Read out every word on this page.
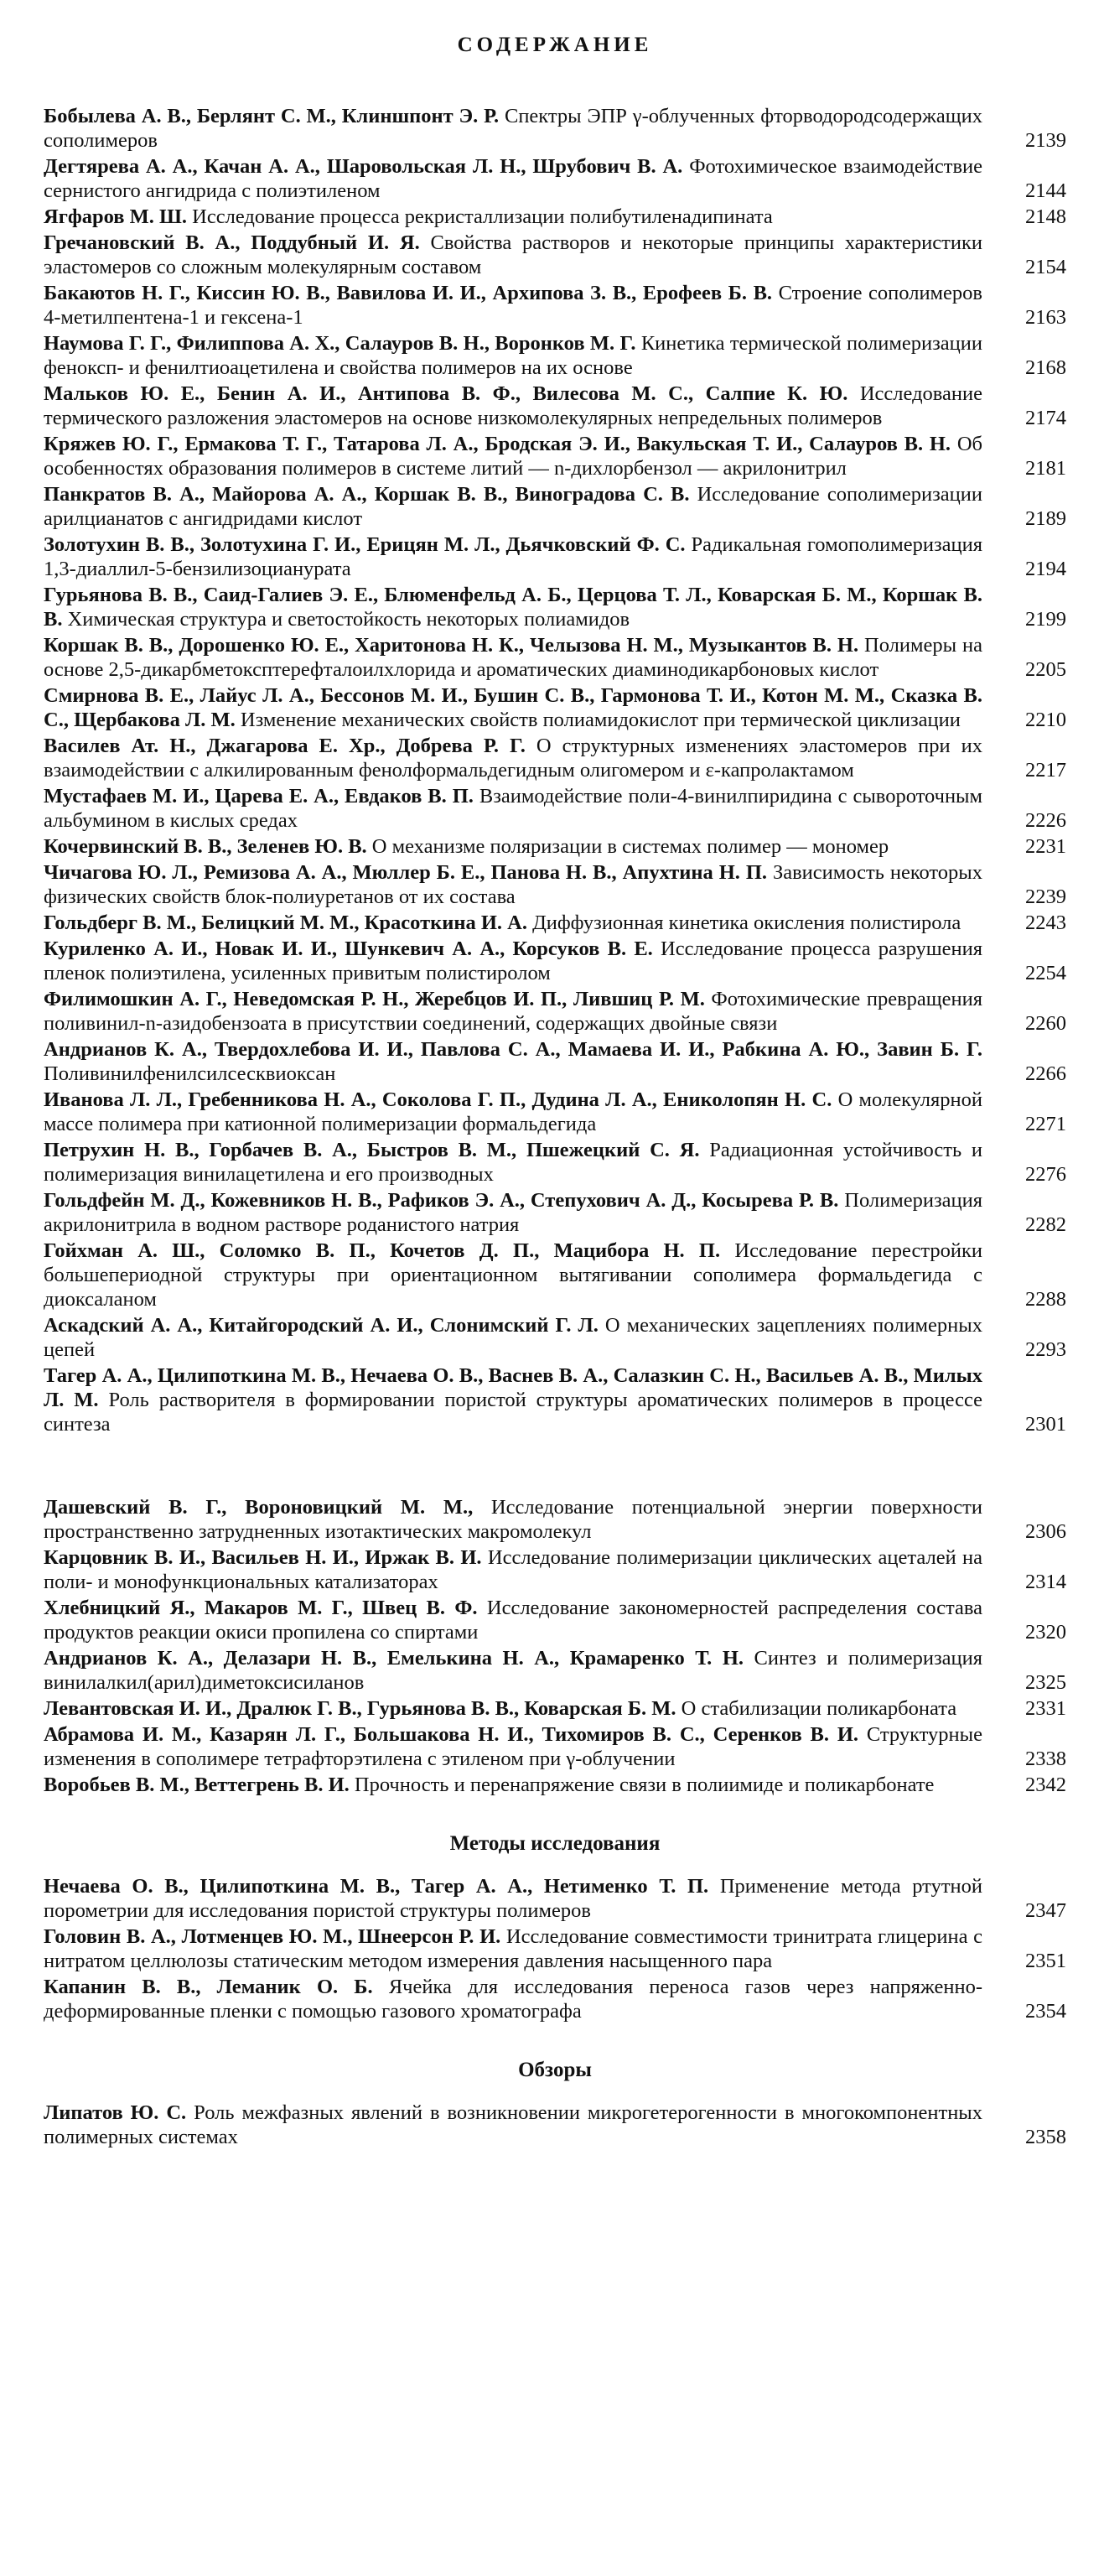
СОДЕРЖАНИЕ
Бобылева А. В., Берлянт С. М., Клиншпонт Э. Р. Спектры ЭПР γ-облученных фторводородсодержащих сополимеров	2139
Дегтярева А. А., Качан А. А., Шаровольская Л. Н., Шрубович В. А. Фотохимическое взаимодействие сернистого ангидрида с полиэтиленом	2144
Ягфаров М. Ш. Исследование процесса рекристаллизации полибутиленадипината	2148
Гречановский В. А., Поддубный И. Я. Свойства растворов и некоторые принципы характеристики эластомеров со сложным молекулярным составом	2154
Бакаютов Н. Г., Киссин Ю. В., Вавилова И. И., Архипова З. В., Ерофеев Б. В. Строение сополимеров 4-метилпентена-1 и гексена-1	2163
Наумова Г. Г., Филиппова А. Х., Салауров В. Н., Воронков М. Г. Кинетика термической полимеризации феноксп- и фенилтиоацетилена и свойства полимеров на их основе	2168
Мальков Ю. Е., Бенин А. И., Антипова В. Ф., Вилесова М. С., Салпие К. Ю. Исследование термического разложения эластомеров на основе низкомолекулярных непредельных полимеров	2174
Кряжев Ю. Г., Ермакова Т. Г., Татарова Л. А., Бродская Э. И., Вакульская Т. И., Салауров В. Н. Об особенностях образования полимеров в системе литий — n-дихлорбензол — акрилонитрил	2181
Панкратов В. А., Майорова А. А., Коршак В. В., Виноградова С. В. Исследование сополимеризации арилцианатов с ангидридами кислот	2189
Золотухин В. В., Золотухина Г. И., Ерицян М. Л., Дьячковский Ф. С. Радикальная гомополимеризация 1,3-диаллил-5-бензилизоцианурата	2194
Гурьянова В. В., Саид-Галиев Э. Е., Блюменфельд А. Б., Церцова Т. Л., Коварская Б. М., Коршак В. В. Химическая структура и светостойкость некоторых полиамидов	2199
Коршак В. В., Дорошенко Ю. Е., Харитонова Н. К., Челызова Н. М., Музыкантов В. Н. Полимеры на основе 2,5-дикарбметоксптерефталоилхлорида и ароматических диаминодикарбоновых кислот	2205
Смирнова В. Е., Лайус Л. А., Бессонов М. И., Бушин С. В., Гармонова Т. И., Котон М. М., Сказка В. С., Щербакова Л. М. Изменение механических свойств полиамидокислот при термической циклизации	2210
Василев Ат. Н., Джагарова Е. Хр., Добрева Р. Г. О структурных изменениях эластомеров при их взаимодействии с алкилированным фенолформальдегидным олигомером и ε-капролактамом	2217
Мустафаев М. И., Царева Е. А., Евдаков В. П. Взаимодействие поли-4-винилпиридина с сывороточным альбумином в кислых средах	2226
Кочервинский В. В., Зеленев Ю. В. О механизме поляризации в системах полимер — мономер	2231
Чичагова Ю. Л., Ремизова А. А., Мюллер Б. Е., Панова Н. В., Апухтина Н. П. Зависимость некоторых физических свойств блок-полиуретанов от их состава	2239
Гольдберг В. М., Белицкий М. М., Красоткина И. А. Диффузионная кинетика окисления полистирола	2243
Куриленко А. И., Новак И. И., Шункевич А. А., Корсуков В. Е. Исследование процесса разрушения пленок полиэтилена, усиленных привитым полистиролом	2254
Филимошкин А. Г., Неведомская Р. Н., Жеребцов И. П., Лившиц Р. М. Фотохимические превращения поливинил-n-азидобензоата в присутствии соединений, содержащих двойные связи	2260
Андрианов К. А., Твердохлебова И. И., Павлова С. А., Мамаева И. И., Рабкина А. Ю., Завин Б. Г. Поливинилфенилсилсесквиоксан	2266
Иванова Л. Л., Гребенникова Н. А., Соколова Г. П., Дудина Л. А., Ениколопян Н. С. О молекулярной массе полимера при катионной полимеризации формальдегида	2271
Петрухин Н. В., Горбачев В. А., Быстров В. М., Пшежецкий С. Я. Радиационная устойчивость и полимеризация винилацетилена и его производных	2276
Гольдфейн М. Д., Кожевников Н. В., Рафиков Э. А., Степухович А. Д., Косырева Р. В. Полимеризация акрилонитрила в водном растворе роданистого натрия	2282
Гойхман А. Ш., Соломко В. П., Кочетов Д. П., Мацибора Н. П. Исследование перестройки большепериодной структуры при ориентационном вытягивании сополимера формальдегида с диоксаланом	2288
Аскадский А. А., Китайгородский А. И., Слонимский Г. Л. О механических зацеплениях полимерных цепей	2293
Тагер А. А., Цилипоткина М. В., Нечаева О. В., Васнев В. А., Салазкин С. Н., Васильев А. В., Милых Л. М. Роль растворителя в формировании пористой структуры ароматических полимеров в процессе синтеза	2301
Дашевский В. Г., Вороновицкий М. М., Исследование потенциальной энергии поверхности пространственно затрудненных изотактических макромолекул	2306
Карцовник В. И., Васильев Н. И., Иржак В. И. Исследование полимеризации циклических ацеталей на поли- и монофункциональных катализаторах	2314
Хлебницкий Я., Макаров М. Г., Швец В. Ф. Исследование закономерностей распределения состава продуктов реакции окиси пропилена со спиртами	2320
Андрианов К. А., Делазари Н. В., Емелькина Н. А., Крамаренко Т. Н. Синтез и полимеризация винилалкил(арил)диметоксисиланов	2325
Левантовская И. И., Дралюк Г. В., Гурьянова В. В., Коварская Б. М. О стабилизации поликарбоната	2331
Абрамова И. М., Казарян Л. Г., Большакова Н. И., Тихомиров В. С., Серенков В. И. Структурные изменения в сополимере тетрафторэтилена с этиленом при γ-облучении	2338
Воробьев В. М., Веттегрень В. И. Прочность и перенапряжение связи в полиимиде и поликарбонате	2342
Методы исследования
Нечаева О. В., Цилипоткина М. В., Тагер А. А., Нетименко Т. П. Применение метода ртутной порометрии для исследования пористой структуры полимеров	2347
Головин В. А., Лотменцев Ю. М., Шнеерсон Р. И. Исследование совместимости тринитрата глицерина с нитратом целлюлозы статическим методом измерения давления насыщенного пара	2351
Капанин В. В., Леманик О. Б. Ячейка для исследования переноса газов через напряженно-деформированные пленки с помощью газового хроматографа	2354
Обзоры
Липатов Ю. С. Роль межфазных явлений в возникновении микрогетерогенности в многокомпонентных полимерных системах	2358
